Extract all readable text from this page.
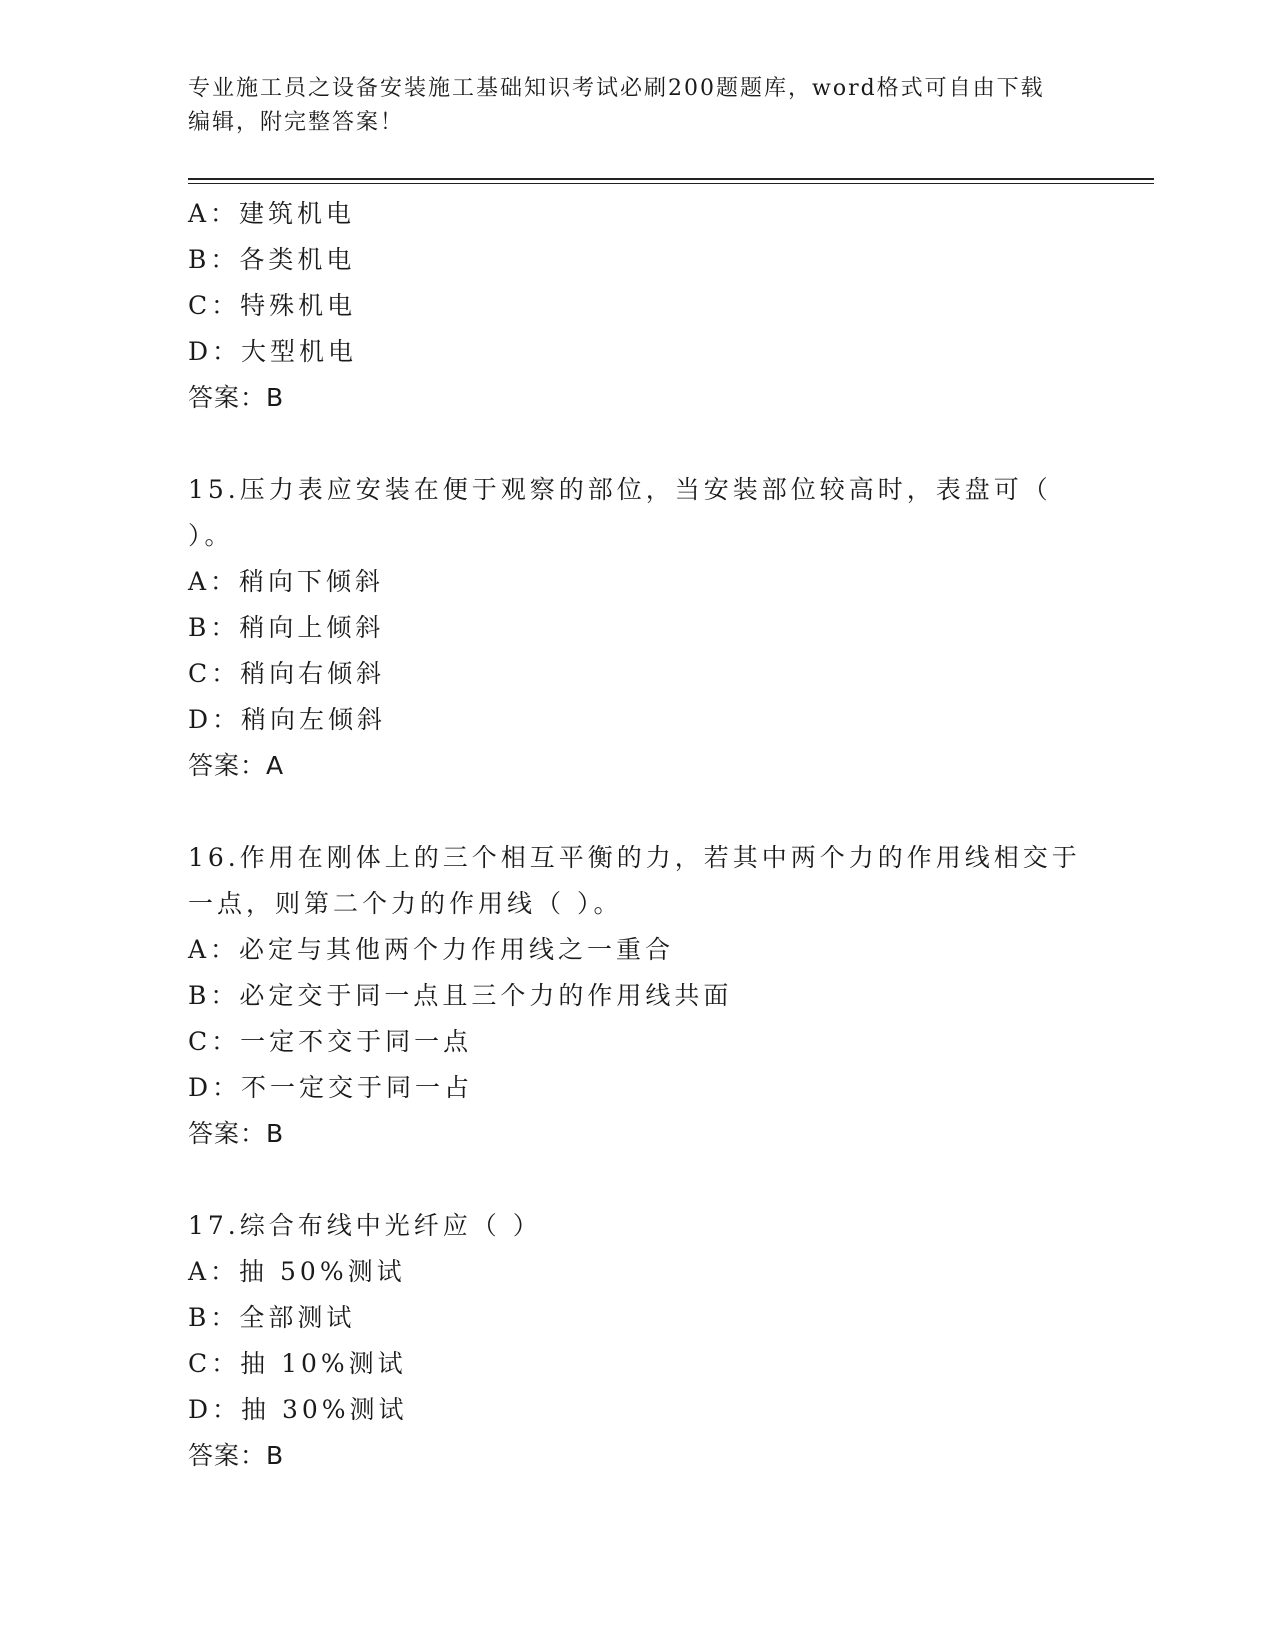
专业施工员之设备安装施工基础知识考试必刷200题题库，word格式可自由下载
编辑，附完整答案！
A：建筑机电
B：各类机电
C：特殊机电
D：大型机电
答案：B
15.压力表应安装在便于观察的部位，当安装部位较高时，表盘可（
）。
A：稍向下倾斜
B：稍向上倾斜
C：稍向右倾斜
D：稍向左倾斜
答案：A
16.作用在刚体上的三个相互平衡的力，若其中两个力的作用线相交于
一点，则第二个力的作用线（ ）。
A：必定与其他两个力作用线之一重合
B：必定交于同一点且三个力的作用线共面
C：一定不交于同一点
D：不一定交于同一占
答案：B
17.综合布线中光纤应（ ）
A：抽 50%测试
B：全部测试
C：抽 10%测试
D：抽 30%测试
答案：B
